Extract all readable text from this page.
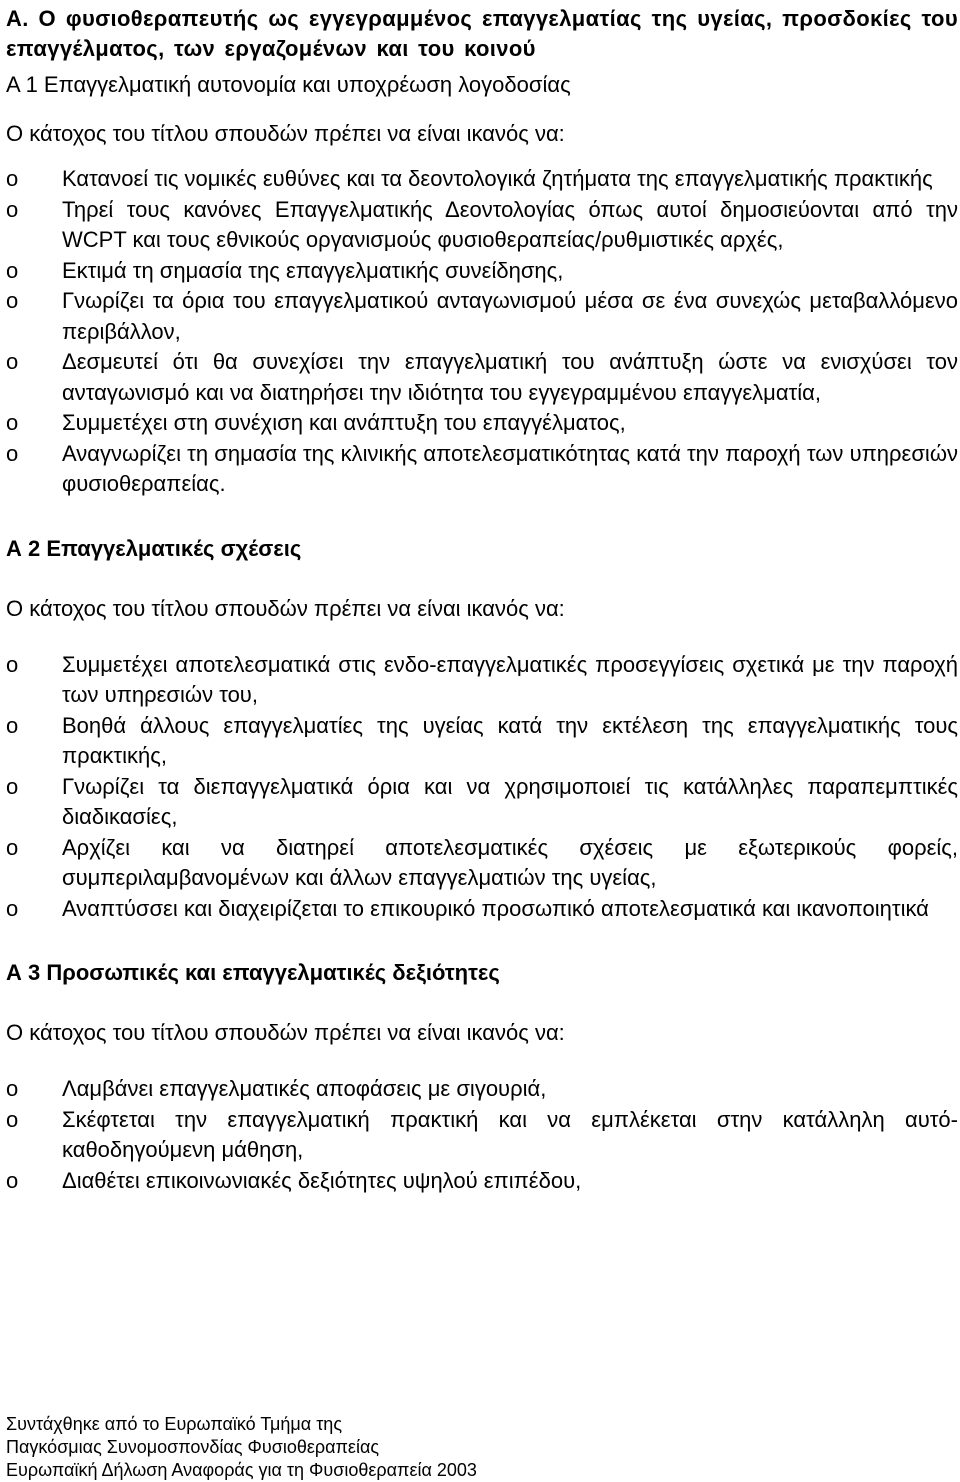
Α. Ο φυσιοθεραπευτής ως εγγεγραμμένος επαγγελματίας της υγείας, προσδοκίες του επαγγέλματος, των εργαζομένων και του κοινού
Α 1 Επαγγελματική αυτονομία και υποχρέωση λογοδοσίας

Ο κάτοχος του τίτλου σπουδών πρέπει να είναι ικανός να:

o	Κατανοεί τις νομικές ευθύνες και τα δεοντολογικά ζητήματα της επαγγελματικής πρακτικής
o	Τηρεί τους κανόνες Επαγγελματικής Δεοντολογίας όπως αυτοί δημοσιεύονται από την WCPT και τους εθνικούς οργανισμούς φυσιοθεραπείας/ρυθμιστικές αρχές,
o	Εκτιμά τη σημασία της επαγγελματικής συνείδησης,
o	Γνωρίζει τα όρια του επαγγελματικού ανταγωνισμού μέσα σε ένα συνεχώς μεταβαλλόμενο περιβάλλον,
o	Δεσμευτεί ότι θα συνεχίσει την επαγγελματική του ανάπτυξη ώστε να ενισχύσει τον ανταγωνισμό και να διατηρήσει την ιδιότητα του εγγεγραμμένου επαγγελματία,
o	Συμμετέχει στη συνέχιση και ανάπτυξη του επαγγέλματος,
o	Αναγνωρίζει τη σημασία της κλινικής αποτελεσματικότητας κατά την παροχή των υπηρεσιών φυσιοθεραπείας.
Α 2 Επαγγελματικές σχέσεις

Ο κάτοχος του τίτλου σπουδών πρέπει να είναι ικανός να:

o	Συμμετέχει αποτελεσματικά στις ενδο-επαγγελματικές προσεγγίσεις σχετικά με την παροχή των υπηρεσιών του,
o	Βοηθά άλλους επαγγελματίες της υγείας κατά την εκτέλεση της επαγγελματικής τους πρακτικής,
o	Γνωρίζει τα διεπαγγελματικά όρια και να χρησιμοποιεί τις κατάλληλες παραπεμπτικές διαδικασίες,
o	Αρχίζει και να διατηρεί αποτελεσματικές σχέσεις με εξωτερικούς φορείς, συμπεριλαμβανομένων και άλλων επαγγελματιών της υγείας,
o	Αναπτύσσει και διαχειρίζεται το επικουρικό προσωπικό αποτελεσματικά και ικανοποιητικά
Α 3 Προσωπικές και επαγγελματικές δεξιότητες

Ο κάτοχος του τίτλου σπουδών πρέπει να είναι ικανός να:

o	Λαμβάνει επαγγελματικές αποφάσεις με σιγουριά,
o	Σκέφτεται την επαγγελματική πρακτική και να εμπλέκεται στην κατάλληλη αυτό-καθοδηγούμενη μάθηση,
o	Διαθέτει επικοινωνιακές δεξιότητες υψηλού επιπέδου,

Συντάχθηκε από το Ευρωπαϊκό Τμήμα της

Παγκόσμιας Συνομοσπονδίας Φυσιοθεραπείας

Ευρωπαϊκή Δήλωση Αναφοράς για τη Φυσιοθεραπεία 2003
